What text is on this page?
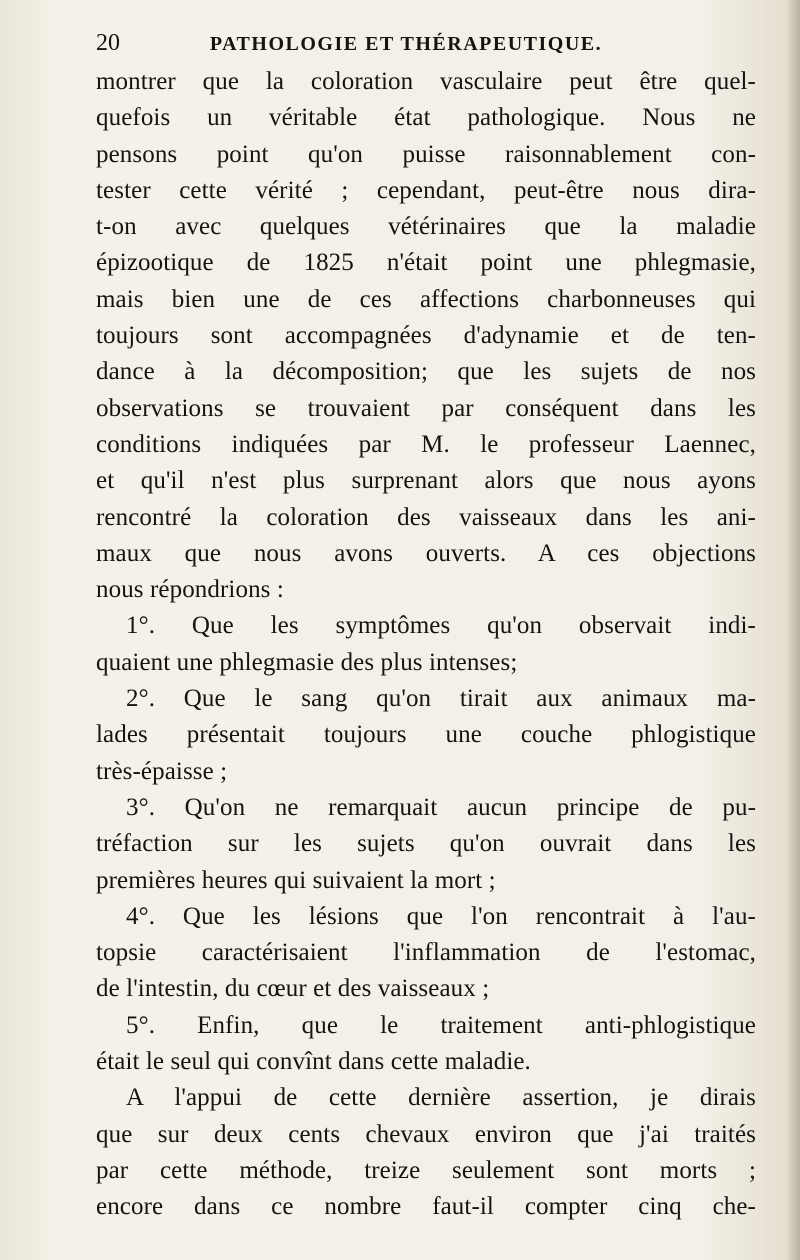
20	PATHOLOGIE ET THÉRAPEUTIQUE.
montrer que la coloration vasculaire peut être quel-
quefois un véritable état pathologique. Nous ne
pensons point qu'on puisse raisonnablement con-
tester cette vérité ; cependant, peut-être nous dira-
t-on avec quelques vétérinaires que la maladie
épizootique de 1825 n'était point une phlegmasie,
mais bien une de ces affections charbonneuses qui
toujours sont accompagnées d'adynamie et de ten-
dance à la décomposition; que les sujets de nos
observations se trouvaient par conséquent dans les
conditions indiquées par M. le professeur Laennec,
et qu'il n'est plus surprenant alors que nous ayons
rencontré la coloration des vaisseaux dans les ani-
maux que nous avons ouverts. A ces objections
nous répondrions :
1°. Que les symptômes qu'on observait indi-
quaient une phlegmasie des plus intenses;
2°. Que le sang qu'on tirait aux animaux ma-
lades présentait toujours une couche phlogistique
très-épaisse ;
3°. Qu'on ne remarquait aucun principe de pu-
tréfaction sur les sujets qu'on ouvrait dans les
premières heures qui suivaient la mort ;
4°. Que les lésions que l'on rencontrait à l'au-
topsie caractérisaient l'inflammation de l'estomac,
de l'intestin, du cœur et des vaisseaux ;
5°. Enfin, que le traitement anti-phlogistique
était le seul qui convînt dans cette maladie.
A l'appui de cette dernière assertion, je dirais
que sur deux cents chevaux environ que j'ai traités
par cette méthode, treize seulement sont morts ;
encore dans ce nombre faut-il compter cinq che-
